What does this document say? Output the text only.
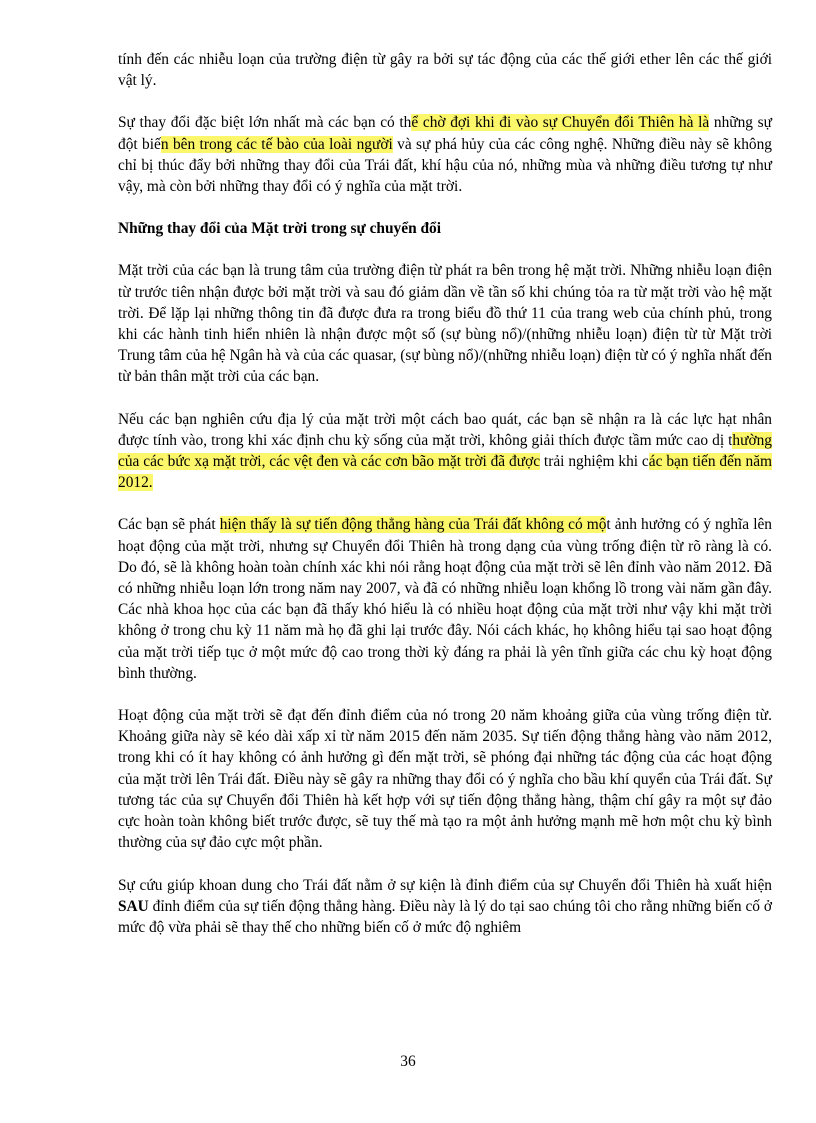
tính đến các nhiễu loạn của trường điện từ gây ra bởi sự tác động của các thế giới ether lên các thế giới vật lý.

Sự thay đổi đặc biệt lớn nhất mà các bạn có thể chờ đợi khi đi vào sự Chuyển đổi Thiên hà là những sự đột biến bên trong các tế bào của loài người và sự phá hủy của các công nghệ. Những điều này sẽ không chỉ bị thúc đẩy bởi những thay đổi của Trái đất, khí hậu của nó, những mùa và những điều tương tự như vậy, mà còn bởi những thay đổi có ý nghĩa của mặt trời.

Những thay đổi của Mặt trời trong sự chuyển đổi

Mặt trời của các bạn là trung tâm của trường điện từ phát ra bên trong hệ mặt trời. Những nhiễu loạn điện từ trước tiên nhận được bởi mặt trời và sau đó giảm dần về tần số khi chúng tỏa ra từ mặt trời vào hệ mặt trời. Để lặp lại những thông tin đã được đưa ra trong biểu đồ thứ 11 của trang web của chính phủ, trong khi các hành tinh hiển nhiên là nhận được một số (sự bùng nổ)/(những nhiễu loạn) điện từ từ Mặt trời Trung tâm của hệ Ngân hà và của các quasar, (sự bùng nổ)/(những nhiễu loạn) điện từ có ý nghĩa nhất đến từ bản thân mặt trời của các bạn.

Nếu các bạn nghiên cứu địa lý của mặt trời một cách bao quát, các bạn sẽ nhận ra là các lực hạt nhân được tính vào, trong khi xác định chu kỳ sống của mặt trời, không giải thích được tầm mức cao dị thường của các bức xạ mặt trời, các vệt đen và các cơn bão mặt trời đã được trải nghiệm khi các bạn tiến đến năm 2012.

Các bạn sẽ phát hiện thấy là sự tiến động thẳng hàng của Trái đất không có một ảnh hưởng có ý nghĩa lên hoạt động của mặt trời, nhưng sự Chuyển đổi Thiên hà trong dạng của vùng trống điện từ rõ ràng là có. Do đó, sẽ là không hoàn toàn chính xác khi nói rằng hoạt động của mặt trời sẽ lên đỉnh vào năm 2012. Đã có những nhiễu loạn lớn trong năm nay 2007, và đã có những nhiễu loạn khổng lồ trong vài năm gần đây. Các nhà khoa học của các bạn đã thấy khó hiểu là có nhiều hoạt động của mặt trời như vậy khi mặt trời không ở trong chu kỳ 11 năm mà họ đã ghi lại trước đây. Nói cách khác, họ không hiểu tại sao hoạt động của mặt trời tiếp tục ở một mức độ cao trong thời kỳ đáng ra phải là yên tĩnh giữa các chu kỳ hoạt động bình thường.

Hoạt động của mặt trời sẽ đạt đến đỉnh điểm của nó trong 20 năm khoảng giữa của vùng trống điện từ. Khoảng giữa này sẽ kéo dài xấp xỉ từ năm 2015 đến năm 2035. Sự tiến động thẳng hàng vào năm 2012, trong khi có ít hay không có ảnh hưởng gì đến mặt trời, sẽ phóng đại những tác động của các hoạt động của mặt trời lên Trái đất. Điều này sẽ gây ra những thay đổi có ý nghĩa cho bầu khí quyển của Trái đất. Sự tương tác của sự Chuyển đổi Thiên hà kết hợp với sự tiến động thẳng hàng, thậm chí gây ra một sự đảo cực hoàn toàn không biết trước được, sẽ tuy thế mà tạo ra một ảnh hưởng mạnh mẽ hơn một chu kỳ bình thường của sự đảo cực một phần.

Sự cứu giúp khoan dung cho Trái đất nằm ở sự kiện là đỉnh điểm của sự Chuyển đổi Thiên hà xuất hiện SAU đỉnh điểm của sự tiến động thẳng hàng. Điều này là lý do tại sao chúng tôi cho rằng những biến cố ở mức độ vừa phải sẽ thay thế cho những biến cố ở mức độ nghiêm

36
